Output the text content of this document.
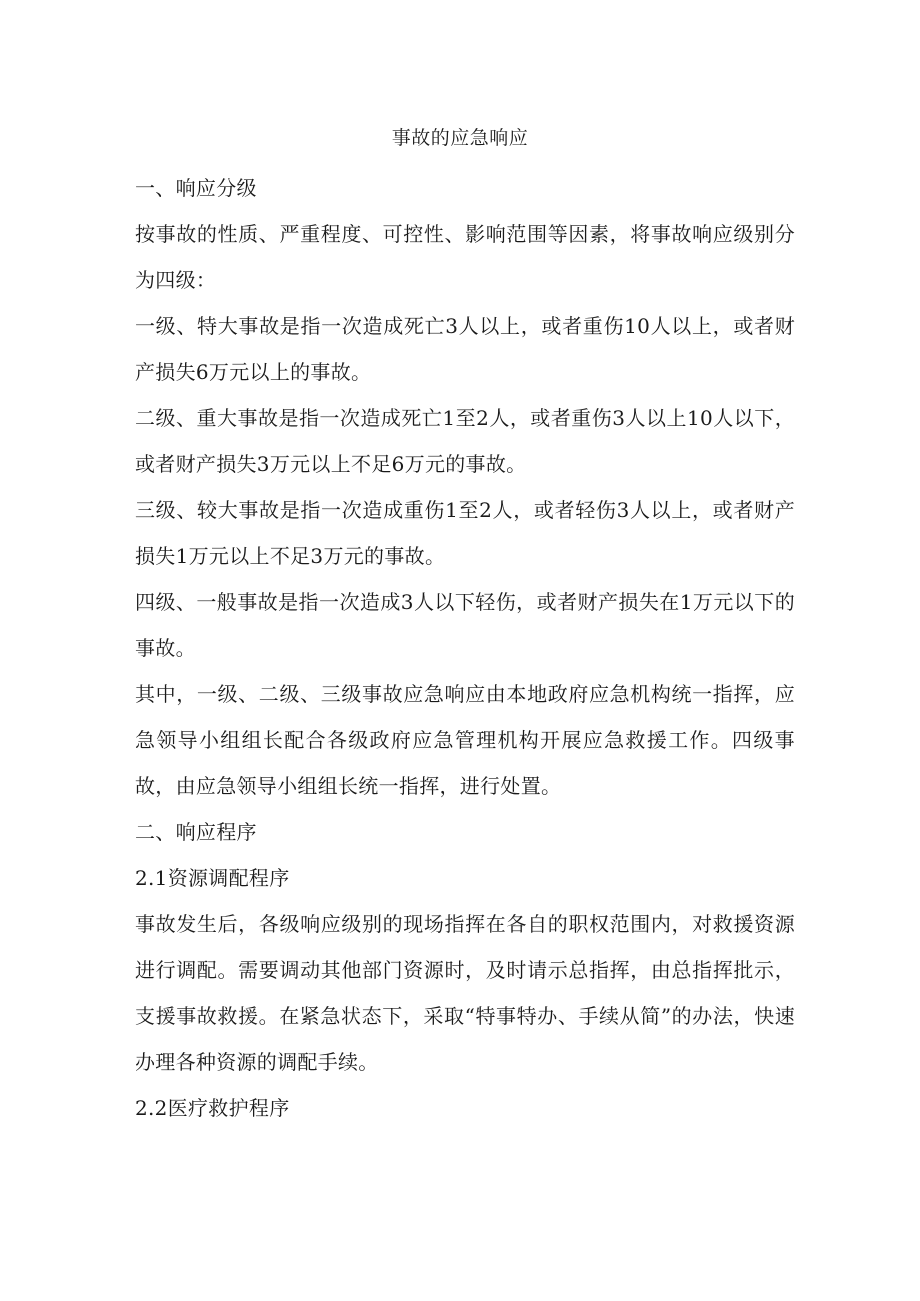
事故的应急响应

一、响应分级

按事故的性质、严重程度、可控性、影响范围等因素，将事故响应级别分为四级：

一级、特大事故是指一次造成死亡3人以上，或者重伤10人以上，或者财产损失6万元以上的事故。

二级、重大事故是指一次造成死亡1至2人，或者重伤3人以上10人以下，或者财产损失3万元以上不足6万元的事故。

三级、较大事故是指一次造成重伤1至2人，或者轻伤3人以上，或者财产损失1万元以上不足3万元的事故。

四级、一般事故是指一次造成3人以下轻伤，或者财产损失在1万元以下的事故。

其中，一级、二级、三级事故应急响应由本地政府应急机构统一指挥，应急领导小组组长配合各级政府应急管理机构开展应急救援工作。四级事故，由应急领导小组组长统一指挥，进行处置。

二、响应程序

2.1资源调配程序

事故发生后，各级响应级别的现场指挥在各自的职权范围内，对救援资源进行调配。需要调动其他部门资源时，及时请示总指挥，由总指挥批示，支援事故救援。在紧急状态下，采取“特事特办、手续从简”的办法，快速办理各种资源的调配手续。

2.2医疗救护程序
